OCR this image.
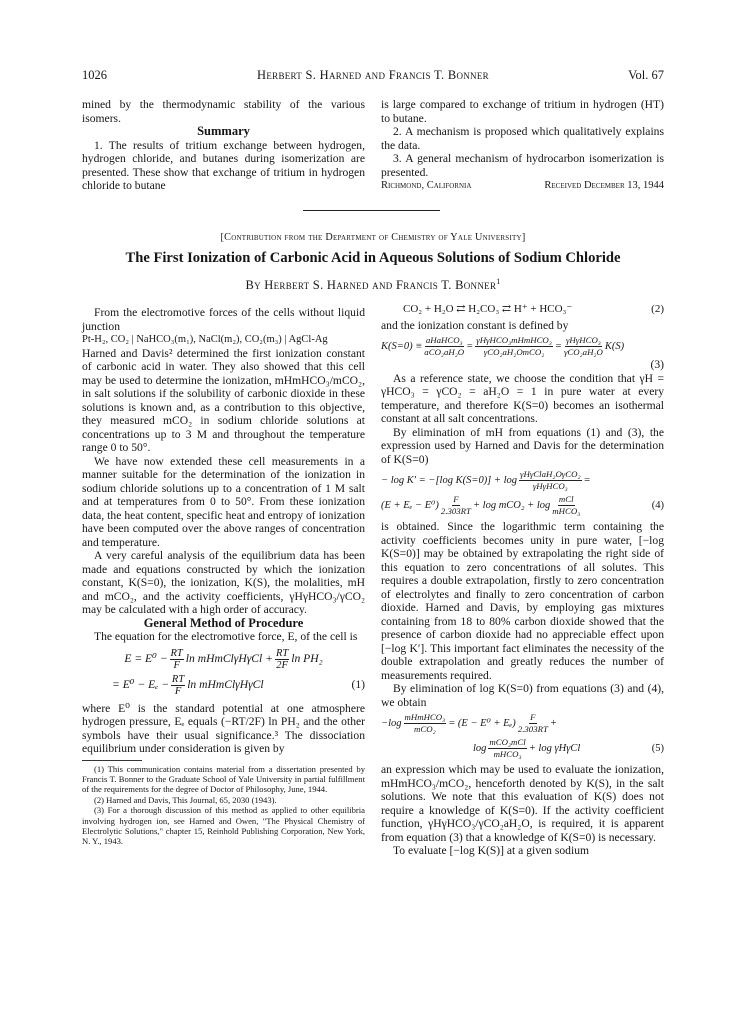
1026	Herbert S. Harned and Francis T. Bonner	Vol. 67

mined by the thermodynamic stability of the various isomers.

Summary

1. The results of tritium exchange between hydrogen, hydrogen chloride, and butanes during isomerization are presented. These show that exchange of tritium in hydrogen chloride to butane

is large compared to exchange of tritium in hydrogen (HT) to butane.

2. A mechanism is proposed which qualitatively explains the data.

3. A general mechanism of hydrocarbon isomerization is presented.

Richmond, California	Received December 13, 1944
[Contribution from the Department of Chemistry of Yale University]
The First Ionization of Carbonic Acid in Aqueous Solutions of Sodium Chloride
By Herbert S. Harned and Francis T. Bonner$^1$

From the electromotive forces of the cells without liquid junction

Pt-H₂, CO₂ | NaHCO₃(m₁), NaCl(m₂), CO₂(m₃) | AgCl-Ag

Harned and Davis² determined the first ionization constant of carbonic acid in water. They also showed that this cell may be used to determine the ionization, mHmHCO₃/mCO₂, in salt solutions if the solubility of carbonic dioxide in these solutions is known and, as a contribution to this objective, they measured mCO₂ in sodium chloride solutions at concentrations up to 3 M and throughout the temperature range 0 to 50°.

We have now extended these cell measurements in a manner suitable for the determination of the ionization in sodium chloride solutions up to a concentration of 1 M salt and at temperatures from 0 to 50°. From these ionization data, the heat content, specific heat and entropy of ionization have been computed over the above ranges of concentration and temperature.

A very careful analysis of the equilibrium data has been made and equations constructed by which the ionization constant, K(S=0), the ionization, K(S), the molalities, mH and mCO₂, and the activity coefficients, γHγHCO₃/γCO₂ may be calculated with a high order of accuracy.

General Method of Procedure

The equation for the electromotive force, E, of the cell is

$E = E^0 - \frac{RT}{F}$ ln mHmClγHγCl + $\frac{RT}{2F}$ ln PH₂
= $E^0 - E_e - \frac{RT}{F}$ ln mHmClγHγCl	(1)

where E⁰ is the standard potential at one atmosphere hydrogen pressure, Eₑ equals (−RT/2F) ln PH₂ and the other symbols have their usual significance.³ The dissociation equilibrium under consideration is given by

(1) This communication contains material from a dissertation presented by Francis T. Bonner to the Graduate School of Yale University in partial fulfillment of the requirements for the degree of Doctor of Philosophy, June, 1944.

(2) Harned and Davis, This Journal, 65, 2030 (1943).

(3) For a thorough discussion of this method as applied to other equilibria involving hydrogen ion, see Harned and Owen, "The Physical Chemistry of Electrolytic Solutions," chapter 15, Reinhold Publishing Corporation, New York, N. Y., 1943.

CO₂ + H₂O ⇄ H₂CO₃ ⇄ H⁺ + HCO₃⁻	(2)

and the ionization constant is defined by

$K(S=0) \equiv \frac{\text{aHaHCO₃}}{\text{aCO₂aH₂O}} = \frac{\text{γHγHCO₃mHmHCO₃}}{\text{γCO₂aH₂OmCO₂}} = \frac{\text{γHγHCO₃}}{\text{γCO₂aH₂O}} K(S)$
(3)

As a reference state, we choose the condition that γH = γHCO₃ = γCO₂ = aH₂O = 1 in pure water at every temperature, and therefore K(S=0) becomes an isothermal constant at all salt concentrations.

By elimination of mH from equations (1) and (3), the expression used by Harned and Davis for the determination of K(S=0)

− log K′ = −[log $K(S=0)] + \log \frac{\text{γHγClaH₂OγCO₂}}{\text{γHγHCO₃}}$ =
$(E + E_e - E^0) \frac{F}{2.303RT} + \log mCO_2 + \log \frac{\text{mCl}}{\text{mHCO₃}}$	(4)

is obtained. Since the logarithmic term containing the activity coefficients becomes unity in pure water, [−log K(S=0)] may be obtained by extrapolating the right side of this equation to zero concentrations of all solutes. This requires a double extrapolation, firstly to zero concentration of electrolytes and finally to zero concentration of carbon dioxide. Harned and Davis, by employing gas mixtures containing from 18 to 80% carbon dioxide showed that the presence of carbon dioxide had no appreciable effect upon [−log K′]. This important fact eliminates the necessity of the double extrapolation and greatly reduces the number of measurements required.

By elimination of log K(S=0) from equations (3) and (4), we obtain

$-\log \frac{\text{mHmHCO₃}}{\text{mCO₂}} = (E - E^0 + E_e) \frac{F}{2.303RT}$ +
$\log \frac{\text{mCO₂mCl}}{\text{mHCO₃}} + \log \gamma H\gamma Cl$	(5)

an expression which may be used to evaluate the ionization, mHmHCO₃/mCO₂, henceforth denoted by K(S), in the salt solutions. We note that this evaluation of K(S) does not require a knowledge of K(S=0). If the activity coefficient function, γHγHCO₃/γCO₂aH₂O, is required, it is apparent from equation (3) that a knowledge of K(S=0) is necessary.

To evaluate [−log K(S)] at a given sodium
